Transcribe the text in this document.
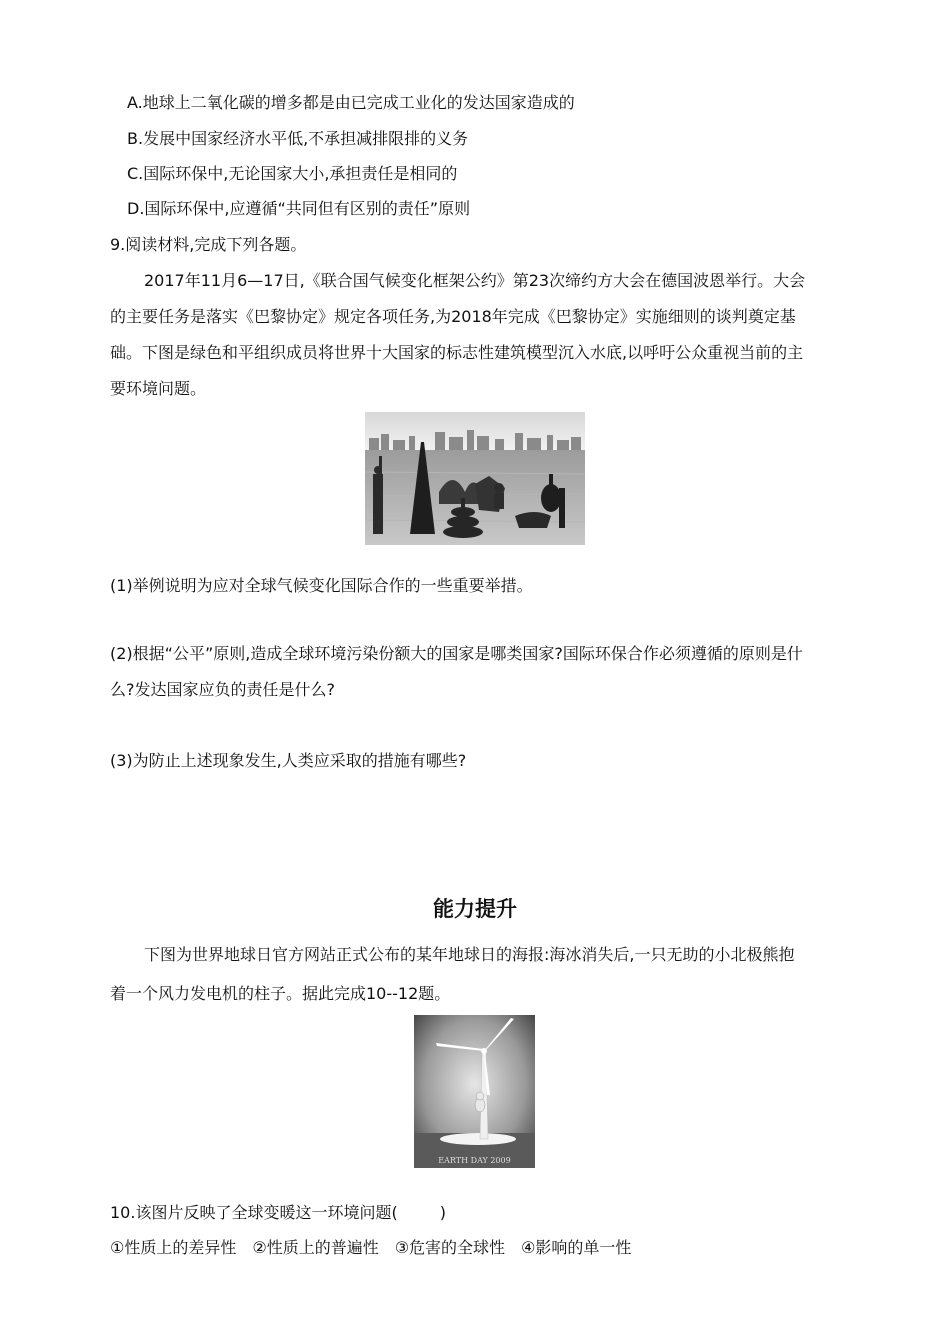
A.地球上二氧化碳的增多都是由已完成工业化的发达国家造成的
B.发展中国家经济水平低,不承担减排限排的义务
C.国际环保中,无论国家大小,承担责任是相同的
D.国际环保中,应遵循“共同但有区别的责任”原则
9.阅读材料,完成下列各题。
2017年11月6—17日,《联合国气候变化框架公约》第23次缔约方大会在德国波恩举行。大会
的主要任务是落实《巴黎协定》规定各项任务,为2018年完成《巴黎协定》实施细则的谈判奠定基
础。下图是绿色和平组织成员将世界十大国家的标志性建筑模型沉入水底,以呼吁公众重视当前的主
要环境问题。
(1)举例说明为应对全球气候变化国际合作的一些重要举措。
(2)根据“公平”原则,造成全球环境污染份额大的国家是哪类国家?国际环保合作必须遵循的原则是什
么?发达国家应负的责任是什么?
(3)为防止上述现象发生,人类应采取的措施有哪些?
能力提升
下图为世界地球日官方网站正式公布的某年地球日的海报:海冰消失后,一只无助的小北极熊抱
着一个风力发电机的柱子。据此完成10--12题。
EARTH DAY 2009
10.该图片反映了全球变暖这一环境问题(	)
①性质上的差异性　②性质上的普遍性　③危害的全球性　④影响的单一性
